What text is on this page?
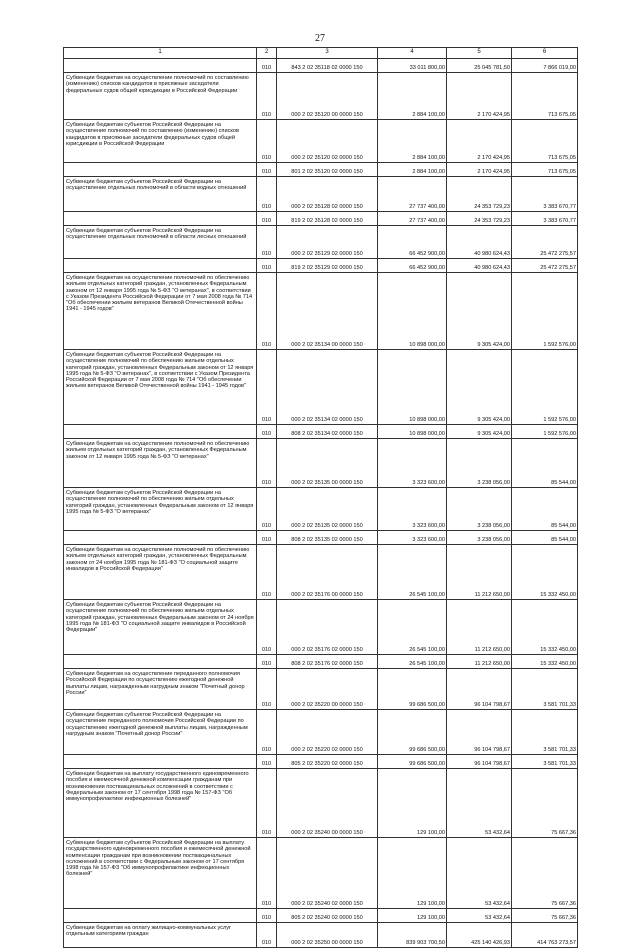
27
1	2	3	4	5	6
	010	843 2 02 35118 02 0000 150	33 011 800,00	25 045 781,50	7 866 019,00
Субвенции бюджетам на осуществление полномочий по составлению (изменению) списков кандидатов в присяжные заседатели федеральных судов общей юрисдикции в Российской Федерации	010	000 2 02 35120 00 0000 150	2 884 100,00	2 170 424,95	713 675,05
Субвенции бюджетам субъектов Российской Федерации на осуществление полномочий по составлению (изменению) списков кандидатов в присяжные заседатели федеральных судов общей юрисдикции в Российской Федерации	010	000 2 02 35120 02 0000 150	2 884 100,00	2 170 424,95	713 675,05
	010	801 2 02 35120 02 0000 150	2 884 100,00	2 170 424,95	713 675,05
Субвенции бюджетам субъектов Российской Федерации на осуществление отдельных полномочий в области водных отношений	010	000 2 02 35128 02 0000 150	27 737 400,00	24 353 729,23	3 383 670,77
	010	819 2 02 35128 02 0000 150	27 737 400,00	24 353 729,23	3 383 670,77
Субвенции бюджетам субъектов Российской Федерации на осуществление отдельных полномочий в области лесных отношений	010	000 2 02 35129 02 0000 150	66 452 900,00	40 980 624,43	25 472 275,57
	010	819 2 02 35129 02 0000 150	66 452 900,00	40 980 624,43	25 472 275,57
Субвенции бюджетам на осуществление полномочий по обеспечению жильем отдельных категорий граждан, установленных Федеральным законом от 12 января 1995 года № 5-ФЗ "О ветеранах", в соответствии с Указом Президента Российской Федерации от 7 мая 2008 года № 714 "Об обеспечении жильем ветеранов Великой Отечественной войны 1941 - 1945 годов"	010	000 2 02 35134 00 0000 150	10 898 000,00	9 305 424,00	1 592 576,00
Субвенции бюджетам субъектов Российской Федерации на осуществление полномочий по обеспечению жильем отдельных категорий граждан, установленных Федеральным законом от 12 января 1995 года № 5-ФЗ "О ветеранах", в соответствии с Указом Президента Российской Федерации от 7 мая 2008 года № 714 "Об обеспечении жильем ветеранов Великой Отечественной войны 1941 - 1945 годов"	010	000 2 02 35134 02 0000 150	10 898 000,00	9 305 424,00	1 592 576,00
	010	808 2 02 35134 02 0000 150	10 898 000,00	9 305 424,00	1 592 576,00
Субвенции бюджетам на осуществление полномочий по обеспечению жильем отдельных категорий граждан, установленных Федеральным законом от 12 января 1995 года № 5-ФЗ "О ветеранах"	010	000 2 02 35135 00 0000 150	3 323 600,00	3 238 056,00	85 544,00
Субвенции бюджетам субъектов Российской Федерации на осуществление полномочий по обеспечению жильем отдельных категорий граждан, установленных Федеральным законом от 12 января 1995 года № 5-ФЗ "О ветеранах"	010	000 2 02 35135 02 0000 150	3 323 600,00	3 238 056,00	85 544,00
	010	808 2 02 35135 02 0000 150	3 323 600,00	3 238 056,00	85 544,00
Субвенции бюджетам на осуществление полномочий по обеспечению жильем отдельных категорий граждан, установленных Федеральным законом от 24 ноября 1995 года № 181-ФЗ "О социальной защите инвалидов в Российской Федерации"	010	000 2 02 35176 00 0000 150	26 545 100,00	11 212 650,00	15 332 450,00
Субвенции бюджетам субъектов Российской Федерации на осуществление полномочий по обеспечению жильем отдельных категорий граждан, установленных Федеральным законом от 24 ноября 1995 года № 181-ФЗ "О социальной защите инвалидов в Российской Федерации"	010	000 2 02 35176 02 0000 150	26 545 100,00	11 212 650,00	15 332 450,00
	010	808 2 02 35176 02 0000 150	26 545 100,00	11 212 650,00	15 332 450,00
Субвенции бюджетам на осуществление переданного полномочия Российской Федерации по осуществлению ежегодной денежной выплаты лицам, награжденным нагрудным знаком "Почетный донор России"	010	000 2 02 35220 00 0000 150	99 686 500,00	96 104 798,67	3 581 701,33
Субвенции бюджетам субъектов Российской Федерации на осуществление переданного полномочия Российской Федерации по осуществлению ежегодной денежной выплаты лицам, награжденным нагрудным знаком "Почетный донор России"	010	000 2 02 35220 02 0000 150	99 686 500,00	96 104 798,67	3 581 701,33
	010	805 2 02 35220 02 0000 150	99 686 500,00	96 104 798,67	3 581 701,33
Субвенции бюджетам на выплату государственного единовременного пособия и ежемесячной денежной компенсации гражданам при возникновении поствакцинальных осложнений в соответствии с Федеральным законом от 17 сентября 1998 года № 157-ФЗ "Об иммунопрофилактике инфекционных болезней"	010	000 2 02 35240 00 0000 150	129 100,00	53 432,64	75 667,36
Субвенции бюджетам субъектов Российской Федерации на выплату государственного единовременного пособия и ежемесячной денежной компенсации гражданам при возникновении поствакцинальных осложнений в соответствии с Федеральным законом от 17 сентября 1998 года № 157-ФЗ "Об иммунопрофилактике инфекционных болезней"	010	000 2 02 35240 02 0000 150	129 100,00	53 432,64	75 667,36
	010	805 2 02 35240 02 0000 150	129 100,00	53 432,64	75 667,36
Субвенции бюджетам на оплату жилищно-коммунальных услуг отдельным категориям граждан	010	000 2 02 35250 00 0000 150	839 903 700,50	425 140 426,93	414 763 273,57
